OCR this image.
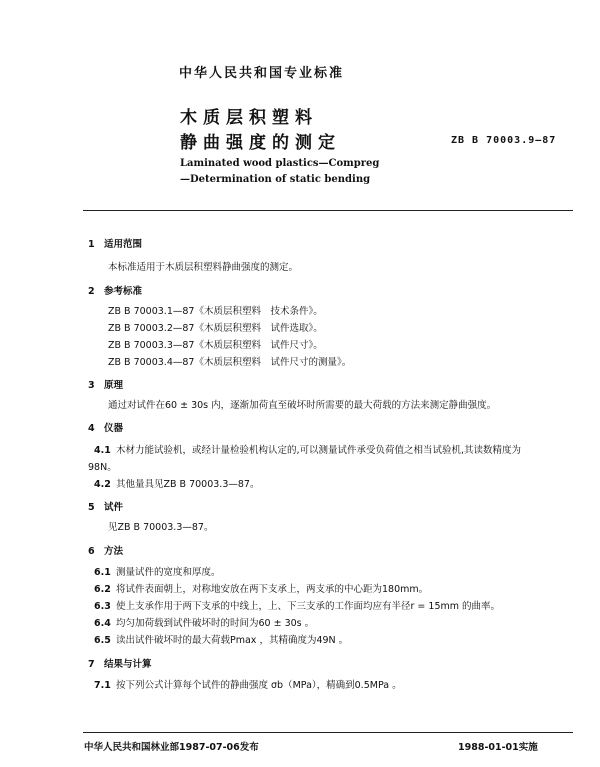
中华人民共和国专业标准
木质层积塑料
静曲强度的测定	ZB B 70003.9—87
Laminated wood plastics—Compreg
—Determination of static bending
1 适用范围
本标准适用于木质层积塑料静曲强度的测定。
2 参考标准
ZB B 70003.1—87《木质层积塑料　技术条件》。
ZB B 70003.2—87《木质层积塑料　试件选取》。
ZB B 70003.3—87《木质层积塑料　试件尺寸》。
ZB B 70003.4—87《木质层积塑料　试件尺寸的测量》。
3 原理
通过对试件在60 ± 30s 内，逐渐加荷直至破坏时所需要的最大荷载的方法来测定静曲强度。
4 仪器
4.1 木材力能试验机，或经计量检验机构认定的,可以测量试件承受负荷值之相当试验机,其读数精度为
98N。
4.2 其他量具见ZB B 70003.3—87。
5 试件
见ZB B 70003.3—87。
6 方法
6.1 测量试件的宽度和厚度。
6.2 将试件表面朝上，对称地安放在两下支承上，两支承的中心距为180mm。
6.3 使上支承作用于两下支承的中线上，上、下三支承的工作面均应有半径r = 15mm 的曲率。
6.4 均匀加荷载到试件破坏时的时间为60 ± 30s 。
6.5 读出试件破坏时的最大荷载Pmax ，其精确度为49N 。
7 结果与计算
7.1 按下列公式计算每个试件的静曲强度 σb（MPa），精确到0.5MPa 。
中华人民共和国林业部1987-07-06发布	1988-01-01实施
